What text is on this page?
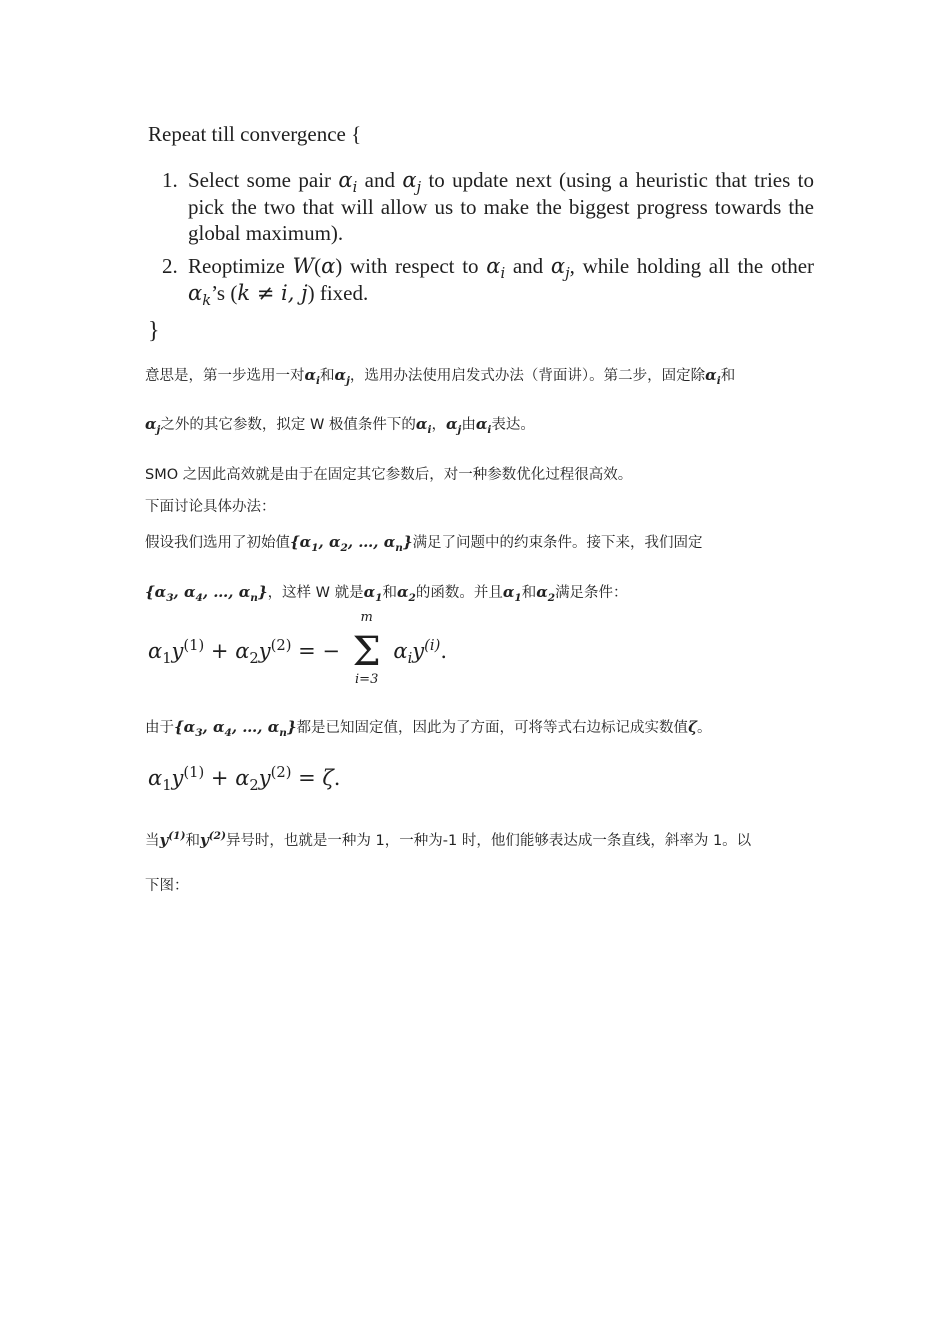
Repeat till convergence {
1. Select some pair $\alpha_i$ and $\alpha_j$ to update next (using a heuristic that tries to pick the two that will allow us to make the biggest progress towards the global maximum).
2. Reoptimize W(α) with respect to $\alpha_i$ and $\alpha_j$, while holding all the other $\alpha_k’s$ (k ≠ i, j) fixed.
}
意思是，第一步选用一对$\alpha_i$和$\alpha_j$，选用办法使用启发式办法（背面讲）。第二步，固定除$\alpha_i$和
$\alpha_j$之外的其它参数，拟定 W 极值条件下的$\alpha_i$，$\alpha_j$由$\alpha_i$表达。
SMO 之因此高效就是由于在固定其它参数后，对一种参数优化过程很高效。
下面讨论具体办法：
假设我们选用了初始值{$\alpha_1$, $\alpha_2$, …, $\alpha_n$}满足了问题中的约束条件。接下来，我们固定
{$\alpha_3$, $\alpha_4$, …, $\alpha_n$}，这样 W 就是$\alpha_1$和$\alpha_2$的函数。并且$\alpha_1$和$\alpha_2$满足条件：
$\alpha_1y^{(1)} + \alpha_2y^{(2)}$ = −
m
Σ
i=3
$\alpha_iy^{(i)}$.
由于{$\alpha_3$, $\alpha_4$, …, $\alpha_n$}都是已知固定值，因此为了方面，可将等式右边标记成实数值ζ。
$\alpha_1y^{(1)} + \alpha_2y^{(2)} = \zeta$.
当$y^{(1)}$和$y^{(2)}$异号时，也就是一种为 1，一种为-1 时，他们能够表达成一条直线，斜率为 1。以
下图：
